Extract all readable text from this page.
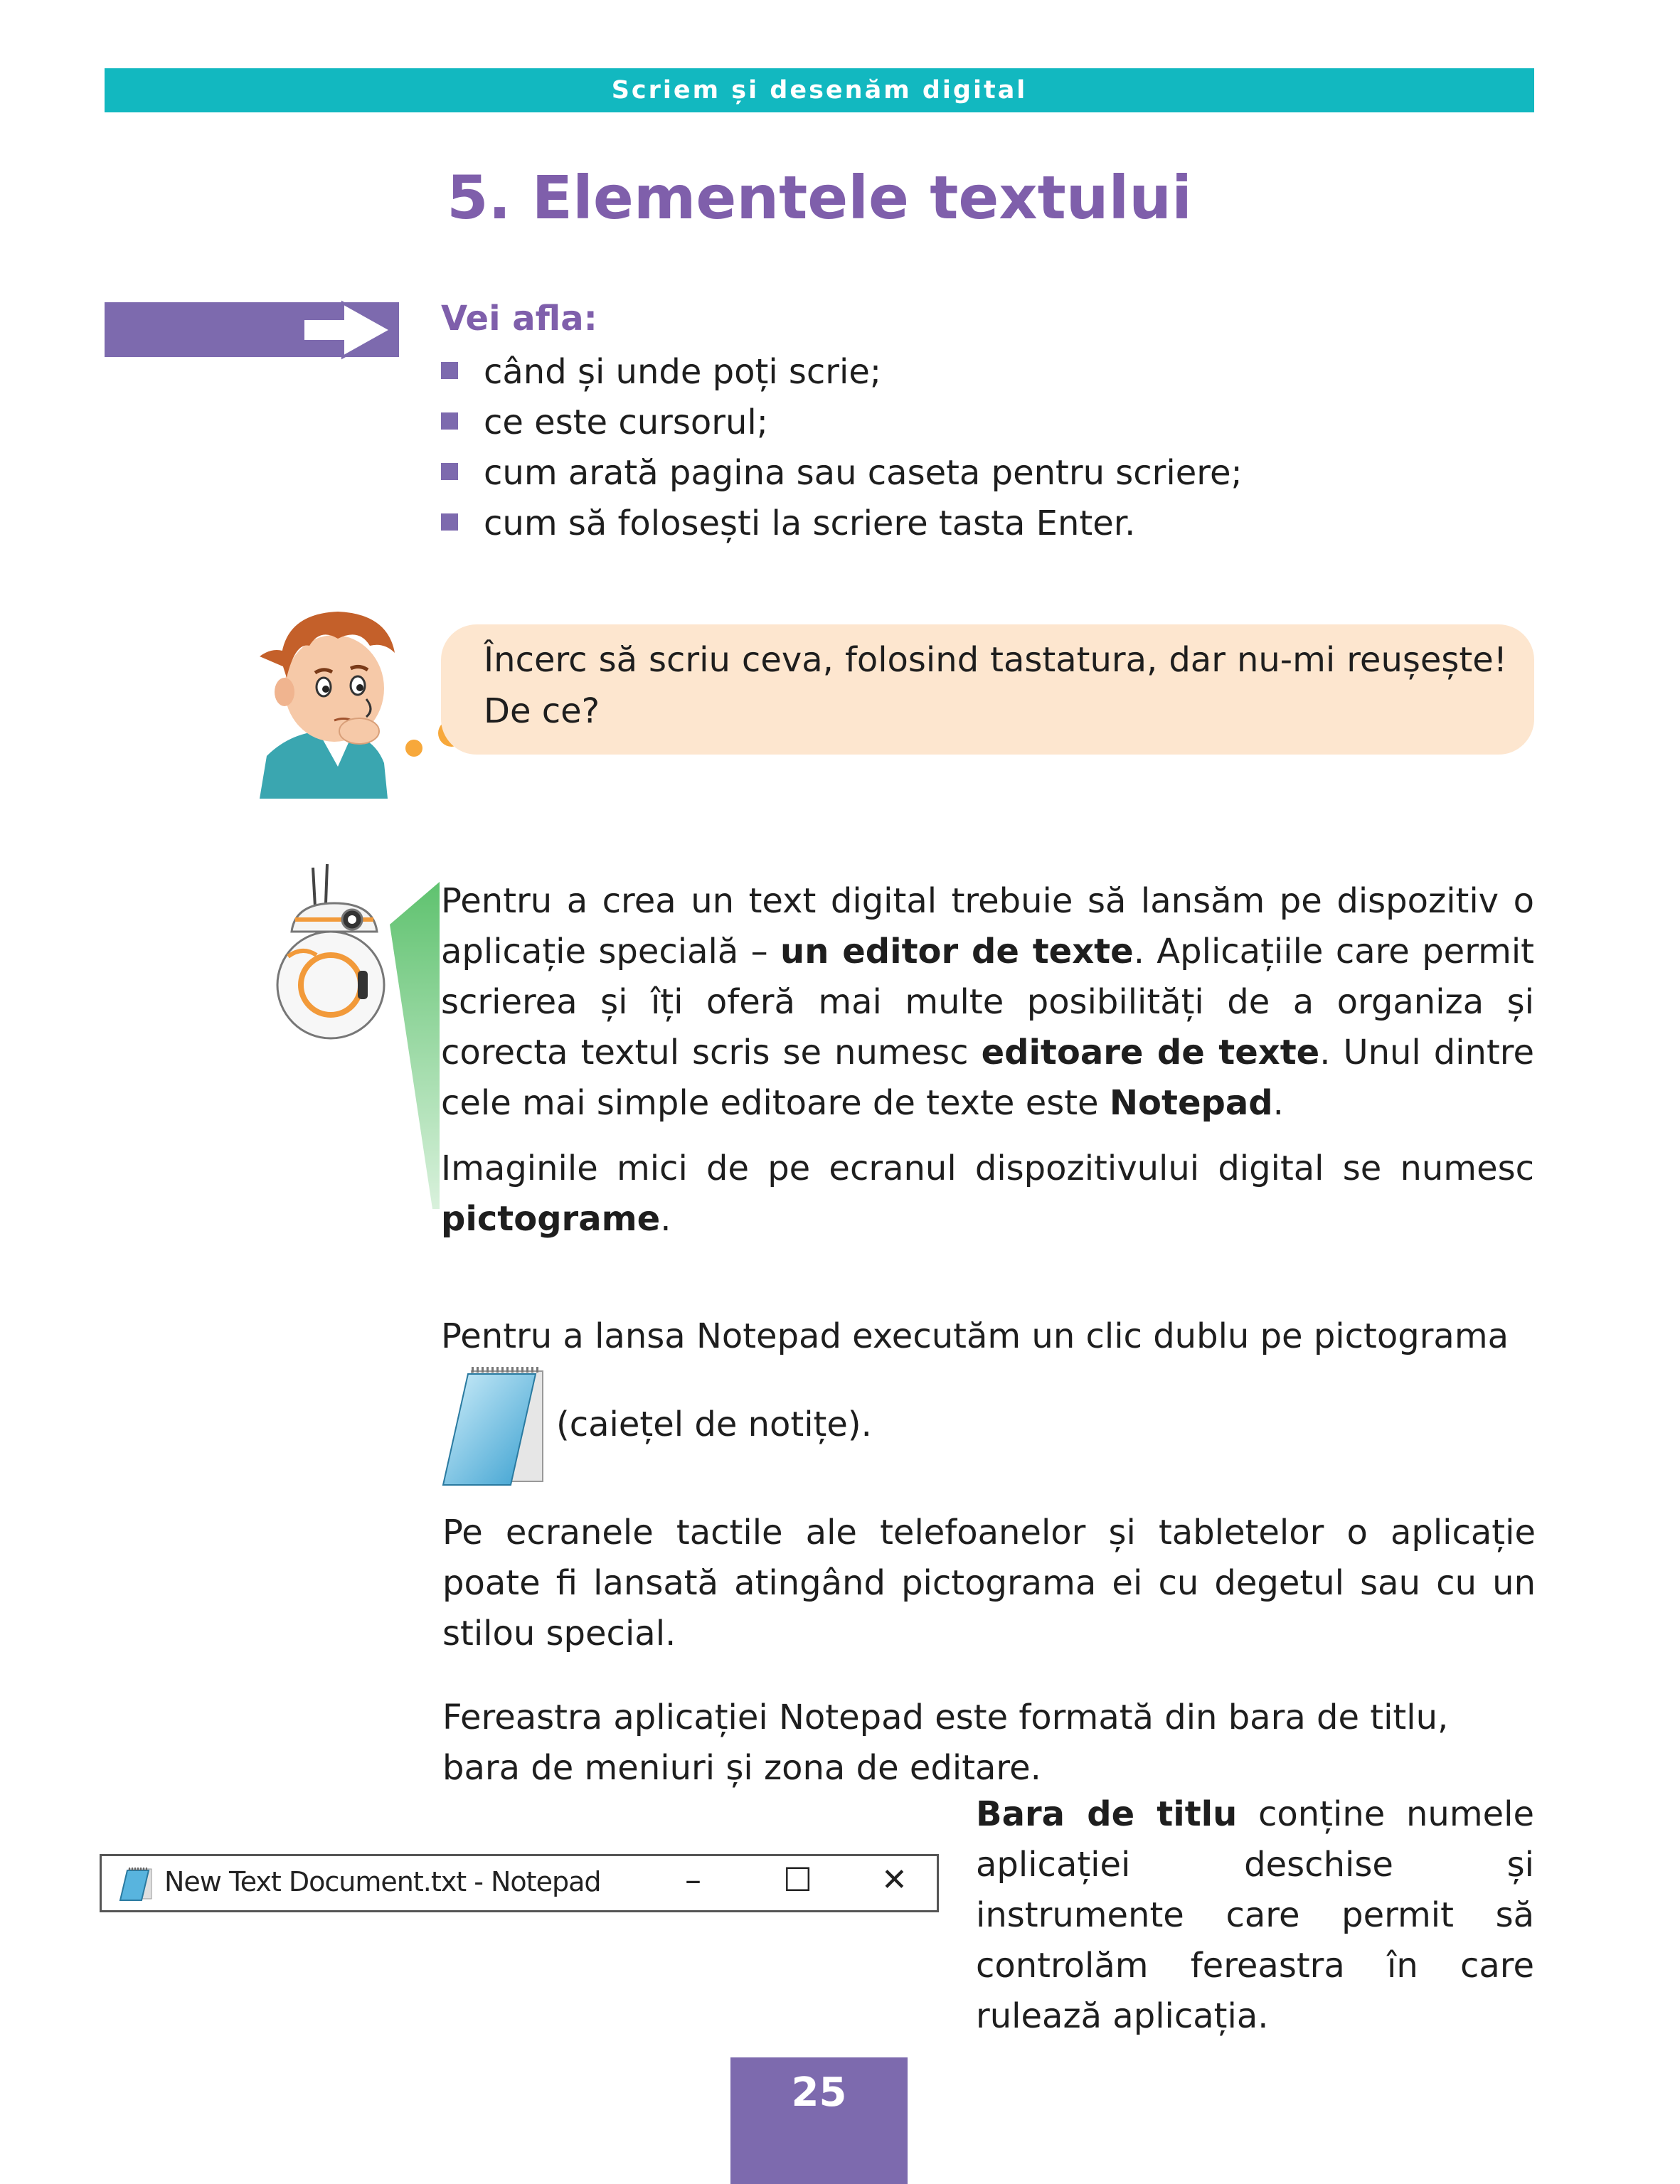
Scriem și desenăm digital
5. Elementele textului
Vei afla:
când și unde poți scrie;
ce este cursorul;
cum arată pagina sau caseta pentru scriere;
cum să folosești la scriere tasta Enter.
Încerc să scriu ceva, folosind tastatura, dar nu-mi reușește! De ce?
Pentru a crea un text digital trebuie să lansăm pe dispozitiv o aplicație specială – un editor de texte. Aplicațiile care permit scrierea și îți oferă mai multe posibilități de a organiza și corecta textul scris se numesc editoare de texte. Unul dintre cele mai simple editoare de texte este Notepad.
Imaginile mici de pe ecranul dispozitivului digital se numesc pictograme.
Pentru a lansa Notepad executăm un clic dublu pe pictograma
(caiețel de notițe).
Pe ecranele tactile ale telefoanelor și tabletelor o aplicație poate fi lansată atingând pictograma ei cu degetul sau cu un stilou special.
Fereastra aplicației Notepad este formată din bara de titlu, bara de meniuri și zona de editare.
New Text Document.txt - Notepad	–	☐ ✕
Bara de titlu conține numele aplicației deschise și instrumente care permit să controlăm fereastra în care rulează aplicația.
25
